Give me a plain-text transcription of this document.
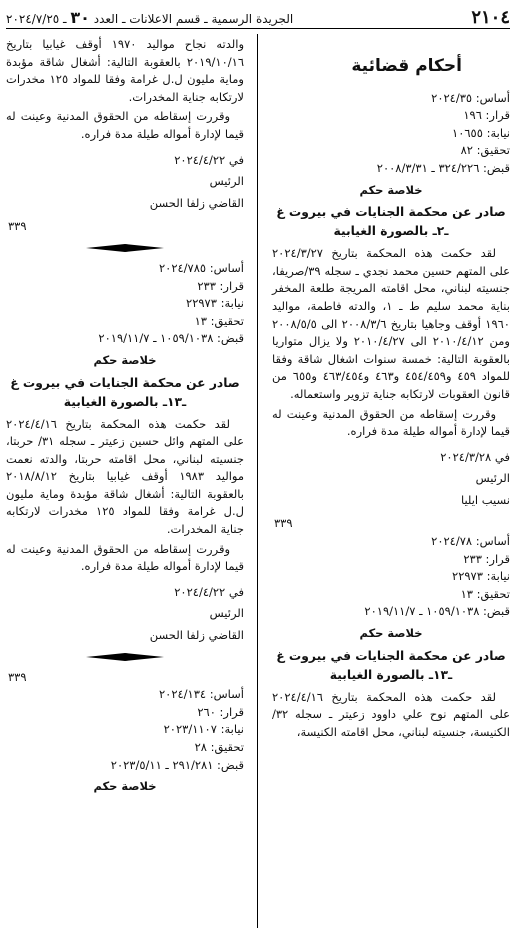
٢١٠٤
الجريدة الرسمية ـ قسم الاعلانات ـ العدد ٣٠ ـ ٢٠٢٤/٧/٢٥
أحكام قضائية

أساس: ٢٠٢٤/٣٥

قرار: ١٩٦

نيابة: ١٠٦٥٥

تحقيق: ٨٢

قبض: ٣٢٤/٢٢٦ ـ ٢٠٠٨/٣/٣١

خلاصة حكم
صادر عن محكمة الجنايات في بيروت غ ـ٢ـ بالصورة الغيابية

لقد حكمت هذه المحكمة بتاريخ ٢٠٢٤/٣/٢٧ على المتهم حسين محمد نجدي ـ سجله ٣٩/صريفا، جنسيته لبناني، محل اقامته المريجة طلعة المخفر بناية محمد سليم ط ـ ١، والدته فاطمة، مواليد ١٩٦٠ أوقف وجاهيا بتاريخ ٢٠٠٨/٣/٦ الى ٢٠٠٨/٥/٥ ومن ٢٠١٠/٤/١٢ الى ٢٠١٠/٤/٢٧ ولا يزال متواريا بالعقوبة التالية: خمسة سنوات اشغال شاقة وفقا للمواد ٤٥٩ و٤٥٤/٤٥٩ و٤٦٣ و٤٦٣/٤٥٤ و٦٥٥ من قانون العقوبات لارتكابه جناية تزوير واستعماله.

وقررت إسقاطه من الحقوق المدنية وعينت له قيما لإدارة أمواله طيلة مدة فراره.

في ٢٠٢٤/٣/٢٨

الرئيس

نسيب ايليا

٣٣٩

أساس: ٢٠٢٤/٧٨

قرار: ٢٣٣

نيابة: ٢٢٩٧٣

تحقيق: ١٣

قبض: ١٠٥٩/١٠٣٨ ـ ٢٠١٩/١١/٧

خلاصة حكم
صادر عن محكمة الجنايات في بيروت غ ـ١٣ـ بالصورة الغيابية

لقد حكمت هذه المحكمة بتاريخ ٢٠٢٤/٤/١٦ على المتهم نوح علي داوود زعيتر ـ سجله ٣٢/ الكنيسة، جنسيته لبناني، محل اقامته الكنيسة،

والدته نجاح مواليد ١٩٧٠ أوقف غيابيا بتاريخ ٢٠١٩/١٠/١٦ بالعقوبة التالية: أشغال شاقة مؤبدة وماية مليون ل.ل غرامة وفقا للمواد ١٢٥ مخدرات لارتكابه جناية المخدرات.

وقررت إسقاطه من الحقوق المدنية وعينت له قيما لإدارة أمواله طيلة مدة فراره.

في ٢٠٢٤/٤/٢٢

الرئيس

القاضي زلفا الحسن

٣٣٩

أساس: ٢٠٢٤/٧٨٥

قرار: ٢٣٣

نيابة: ٢٢٩٧٣

تحقيق: ١٣

قبض: ١٠٥٩/١٠٣٨ ـ ٢٠١٩/١١/٧

خلاصة حكم
صادر عن محكمة الجنايات في بيروت غ ـ١٣ـ بالصورة الغيابية

لقد حكمت هذه المحكمة بتاريخ ٢٠٢٤/٤/١٦ على المتهم وائل حسين زعيتر ـ سجله ٣١/ حربتا، جنسيته لبناني، محل اقامته حربتا، والدته نعمت مواليد ١٩٨٣ أوقف غيابيا بتاريخ ٢٠١٨/٨/١٢ بالعقوبة التالية: أشغال شاقة مؤبدة وماية مليون ل.ل غرامة وفقا للمواد ١٢٥ مخدرات لارتكابه جناية المخدرات.

وقررت إسقاطه من الحقوق المدنية وعينت له قيما لإدارة أمواله طيلة مدة فراره.

في ٢٠٢٤/٤/٢٢

الرئيس

القاضي زلفا الحسن

٣٣٩

أساس: ٢٠٢٤/١٣٤

قرار: ٢٦٠

نيابة: ٢٠٢٣/١١٠٧

تحقيق: ٢٨

قبض: ٢٩١/٢٨١ ـ ٢٠٢٣/٥/١١

خلاصة حكم
